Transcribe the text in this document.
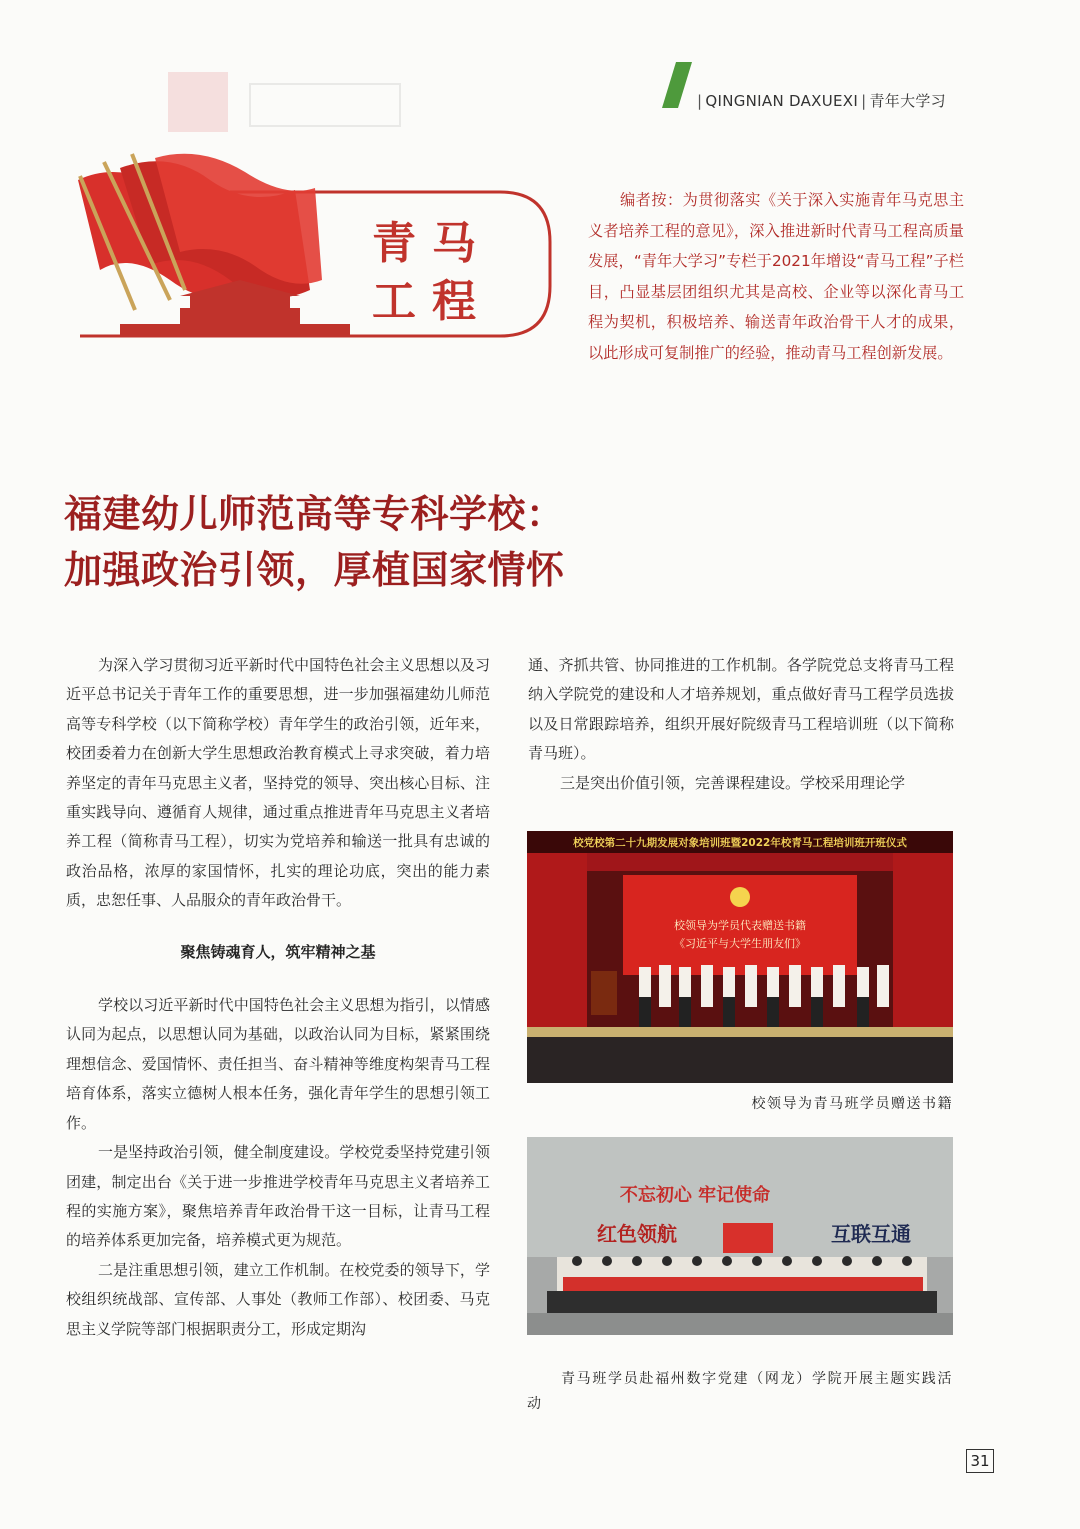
| QINGNIAN DAXUEXI | 青年大学习
青 马
工 程
编者按：为贯彻落实《关于深入实施青年马克思主义者培养工程的意见》，深入推进新时代青马工程高质量发展，“青年大学习”专栏于2021年增设“青马工程”子栏目，凸显基层团组织尤其是高校、企业等以深化青马工程为契机，积极培养、输送青年政治骨干人才的成果，以此形成可复制推广的经验，推动青马工程创新发展。
福建幼儿师范高等专科学校：
加强政治引领，厚植国家情怀

为深入学习贯彻习近平新时代中国特色社会主义思想以及习近平总书记关于青年工作的重要思想，进一步加强福建幼儿师范高等专科学校（以下简称学校）青年学生的政治引领，近年来，校团委着力在创新大学生思想政治教育模式上寻求突破，着力培养坚定的青年马克思主义者，坚持党的领导、突出核心目标、注重实践导向、遵循育人规律，通过重点推进青年马克思主义者培养工程（简称青马工程），切实为党培养和输送一批具有忠诚的政治品格，浓厚的家国情怀，扎实的理论功底，突出的能力素质，忠恕任事、人品服众的青年政治骨干。

聚焦铸魂育人，筑牢精神之基

学校以习近平新时代中国特色社会主义思想为指引，以情感认同为起点，以思想认同为基础，以政治认同为目标，紧紧围绕理想信念、爱国情怀、责任担当、奋斗精神等维度构架青马工程培育体系，落实立德树人根本任务，强化青年学生的思想引领工作。

一是坚持政治引领，健全制度建设。学校党委坚持党建引领团建，制定出台《关于进一步推进学校青年马克思主义者培养工程的实施方案》，聚焦培养青年政治骨干这一目标，让青马工程的培养体系更加完备，培养模式更为规范。

二是注重思想引领，建立工作机制。在校党委的领导下，学校组织统战部、宣传部、人事处（教师工作部）、校团委、马克思主义学院等部门根据职责分工，形成定期沟

通、齐抓共管、协同推进的工作机制。各学院党总支将青马工程纳入学院党的建设和人才培养规划，重点做好青马工程学员选拔以及日常跟踪培养，组织开展好院级青马工程培训班（以下简称青马班）。

三是突出价值引领，完善课程建设。学校采用理论学

校党校第二十九期发展对象培训班暨2022年校青马工程培训班开班仪式
校领导为学员代表赠送书籍
《习近平与大学生朋友们》
校领导为青马班学员赠送书籍
不忘初心 牢记使命
红色领航	互联互通
青马班学员赴福州数字党建（网龙）学院开展主题实践活动
31
